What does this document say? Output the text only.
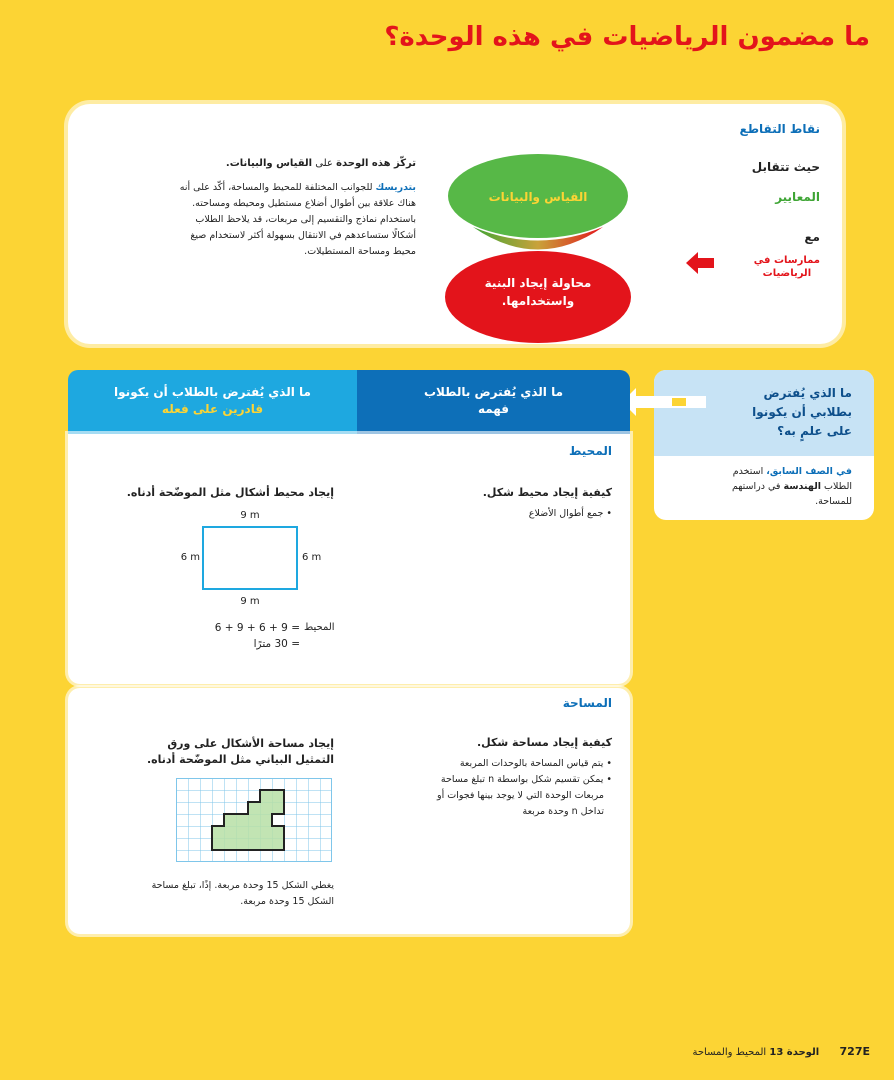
ما مضمون الرياضيات في هذه الوحدة؟
نقاط التقاطع
حيث تتقابل
المعايير
مع
ممارسات في
الرياضيات
القياس والبيانات
محاولة إيجاد البنية
واستخدامها.
تركّز هذه الوحدة على القياس والبيانات.
بتدريسك للجوانب المختلفة للمحيط والمساحة، أكّد على أنه
هناك علاقة بين أطوال أضلاع مستطيل ومحيطه ومساحته.
باستخدام نماذج والتقسيم إلى مربعات، قد يلاحظ الطلاب
أشكالًا ستساعدهم في الانتقال بسهولة أكثر لاستخدام صيغ
محيط ومساحة المستطيلات.
ما الذي يُفترض
بطلابي أن يكونوا
على علمٍ به؟
في الصف السابق، استخدم
الطلاب الهندسة في دراستهم
للمساحة.
ما الذي يُفترض بالطلاب
فهمه
ما الذي يُفترض بالطلاب أن يكونوا
قادرين على فعله
المحيط
كيفية إيجاد محيط شكل.
• جمع أطوال الأضلاع
إيجاد محيط أشكال مثل الموضّحة أدناه.
9 m
6 m	6 m
9 m
المحيط
6 + 9 + 6 + 9 =
= 30 مترًا
المساحة
كيفية إيجاد مساحة شكل.
• يتم قياس المساحة بالوحدات المربعة
• يمكن تقسيم شكل بواسطة n تبلغ مساحة
مربعات الوحدة التي لا يوجد بينها فجوات أو
تداخل n وحدة مربعة
إيجاد مساحة الأشكال على ورق
التمثيل البياني مثل الموضّحة أدناه.
يغطي الشكل 15 وحدة مربعة. إذًا، تبلغ مساحة
الشكل 15 وحدة مربعة.
727E  الوحدة 13 المحيط والمساحة
